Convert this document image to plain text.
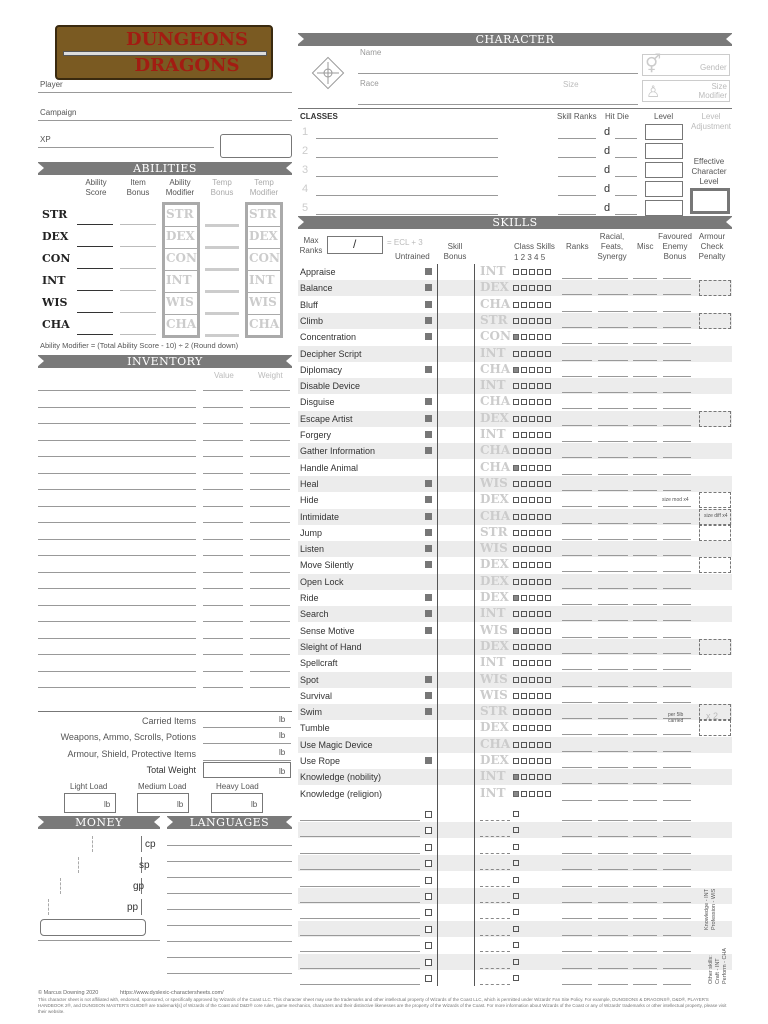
DUNGEONS
DRAGONS
Player
Campaign
XP
CHARACTER
Name
Race	Size
⚥	Gender
♙	Size
Modifier
CLASSES	Skill Ranks Hit Die	Level	Level Adjustment
1	d
2	d
3	d
4	d
5	d
Effective Character Level
ABILITIES
Ability Score
Item Bonus
Ability Modifier
Temp Bonus
Temp Modifier
STR	STR	STR
DEX	DEX	DEX
CON	CON	CON
INT	INT	INT
WIS	WIS	WIS
CHA	CHA	CHA
Ability Modifier = (Total Ability Score - 10) ÷ 2 (Round down)
INVENTORY
Value	Weight
Carried Items
Weapons, Ammo, Scrolls, Potions
Armour, Shield, Protective Items
Total Weight
lb
lb
lb
lb
Light Load	Medium Load	Heavy Load
lb	lb	lb
MONEY	LANGUAGES
cp
sp
gp
pp
SKILLS
Max Ranks	/	= ECL + 3
Untrained
Skill Bonus
Class Skills
1 2 3 4 5
Ranks
Racial, Feats, Synergy
Misc
Favoured Enemy Bonus
Armour Check Penalty
Appraise	INT
Balance	DEX
Bluff	CHA
Climb	STR
Concentration	CON
Decipher Script	INT
Diplomacy	CHA
Disable Device	INT
Disguise	CHA
Escape Artist	DEX
Forgery	INT
Gather Information	CHA
Handle Animal	CHA
Heal	WIS
Hide	DEX
Intimidate	CHA
Jump	STR
Listen	WIS
Move Silently	DEX
Open Lock	DEX
Ride	DEX
Search	INT
Sense Motive	WIS
Sleight of Hand	DEX
Spellcraft	INT
Spot	WIS
Survival	WIS
Swim	STR
Tumble	DEX
Use Magic Device	CHA
Use Rope	DEX
Knowledge (nobility)	INT
Knowledge (religion)	INT
size mod x4
size diff x4
per 5lb carried	x 2
Knowledge - INT
Profession - WIS
Other skills:
Craft - INT
Perform - CHA
© Marcus Downing 2020	https://www.dyslexic-charactersheets.com/
This character sheet is not affiliated with, endorsed, sponsored, or specifically approved by Wizards of the Coast LLC. This character sheet may use the trademarks and other intellectual property of Wizards of the Coast LLC, which is permitted under Wizards' Fan Site Policy. For example, DUNGEONS & DRAGONS®, D&D®, PLAYER'S HANDBOOK 2®, and DUNGEON MASTER'S GUIDE® are trademark[s] of Wizards of the Coast and D&D® core rules, game mechanics, characters and their distinctive likenesses are the property of the Wizards of the Coast. For more information about Wizards of the Coast or any of Wizards' trademarks or other intellectual property, please visit their website.
